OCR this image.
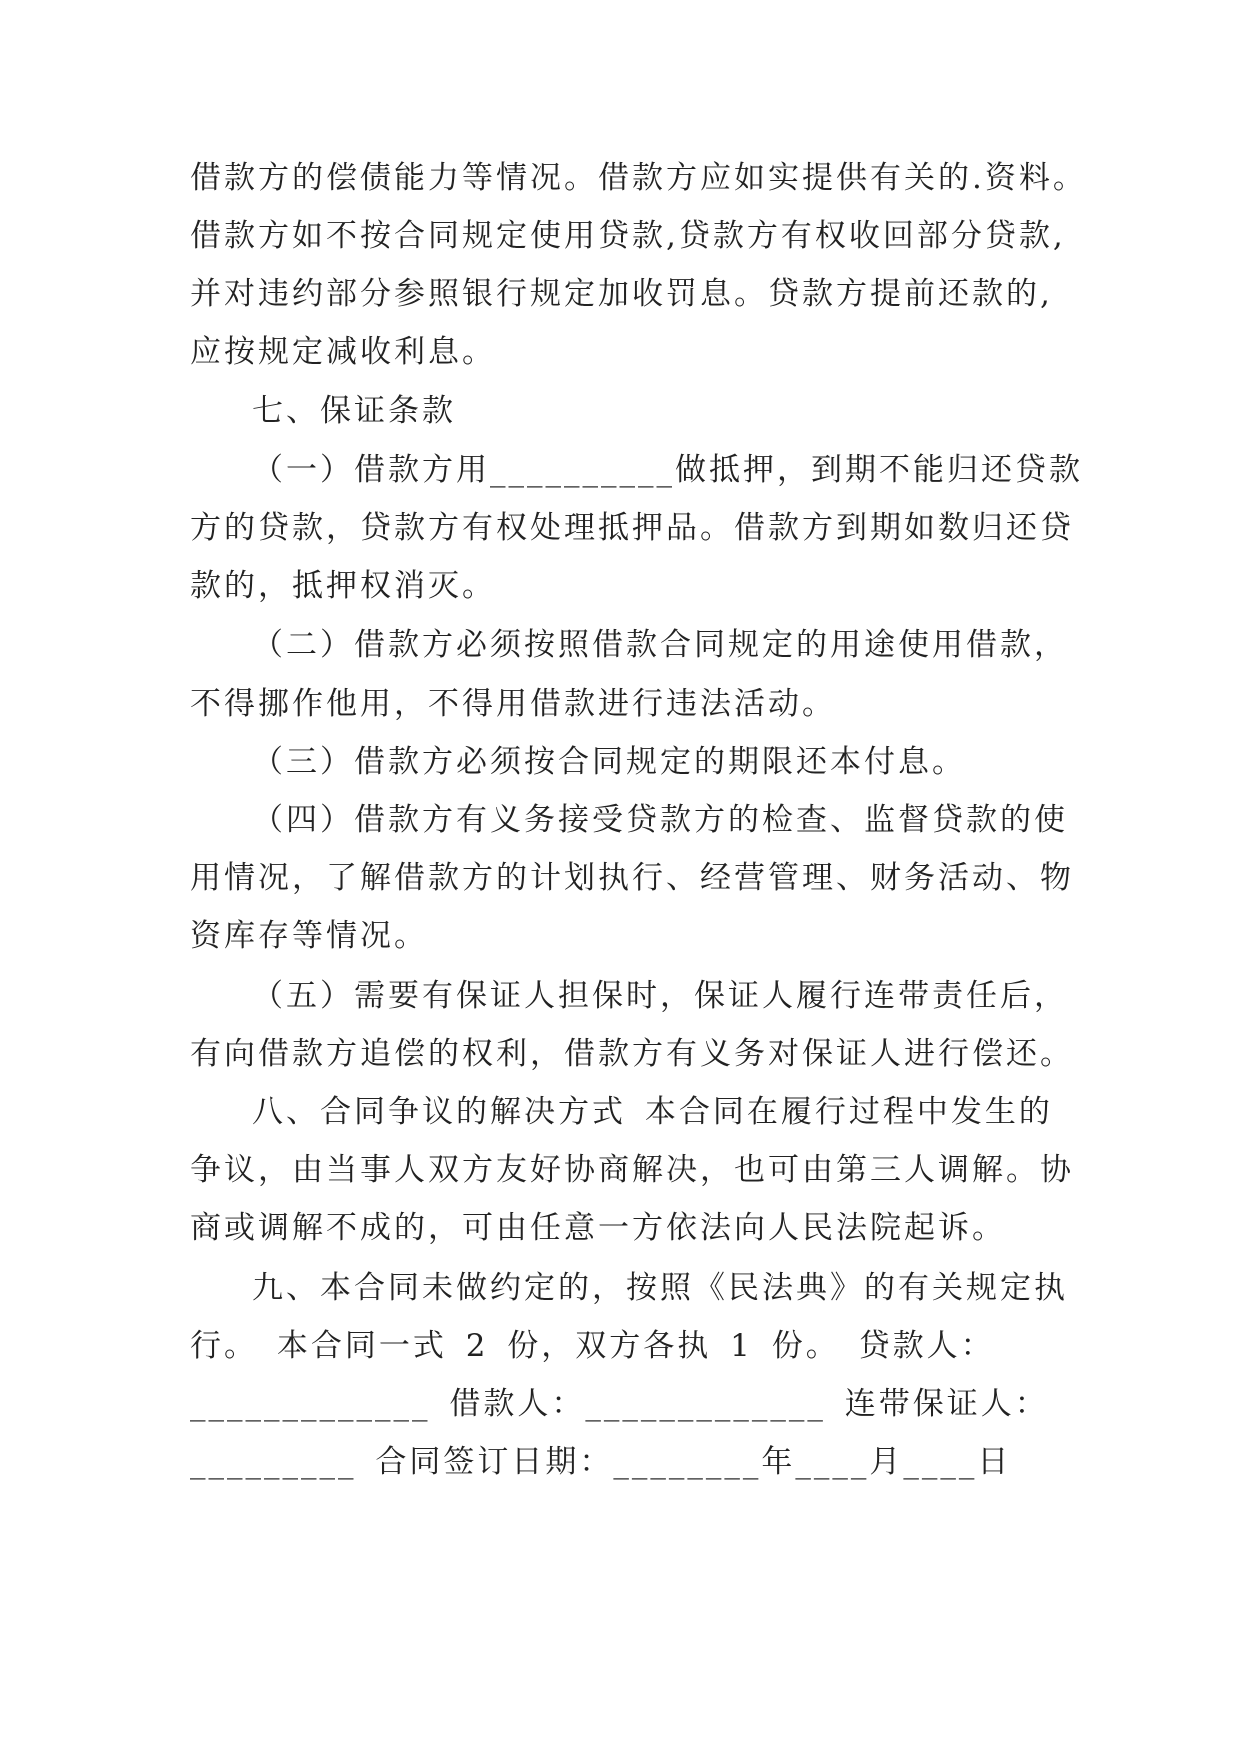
借款方的偿债能力等情况。借款方应如实提供有关的.资料。
借款方如不按合同规定使用贷款,贷款方有权收回部分贷款,
并对违约部分参照银行规定加收罚息。贷款方提前还款的,
应按规定减收利息。
七、保证条款
（一）借款方用__________做抵押，到期不能归还贷款
方的贷款，贷款方有权处理抵押品。借款方到期如数归还贷
款的，抵押权消灭。
（二）借款方必须按照借款合同规定的用途使用借款，
不得挪作他用，不得用借款进行违法活动。
（三）借款方必须按合同规定的期限还本付息。
（四）借款方有义务接受贷款方的检查、监督贷款的使
用情况，了解借款方的计划执行、经营管理、财务活动、物
资库存等情况。
（五）需要有保证人担保时，保证人履行连带责任后，
有向借款方追偿的权利，借款方有义务对保证人进行偿还。
八、合同争议的解决方式 本合同在履行过程中发生的
争议，由当事人双方友好协商解决，也可由第三人调解。协
商或调解不成的，可由任意一方依法向人民法院起诉。
九、本合同未做约定的，按照《民法典》的有关规定执
行。 本合同一式 2 份，双方各执 1 份。 贷款人：
_____________ 借款人：_____________ 连带保证人：
_________ 合同签订日期：________年____月____日
